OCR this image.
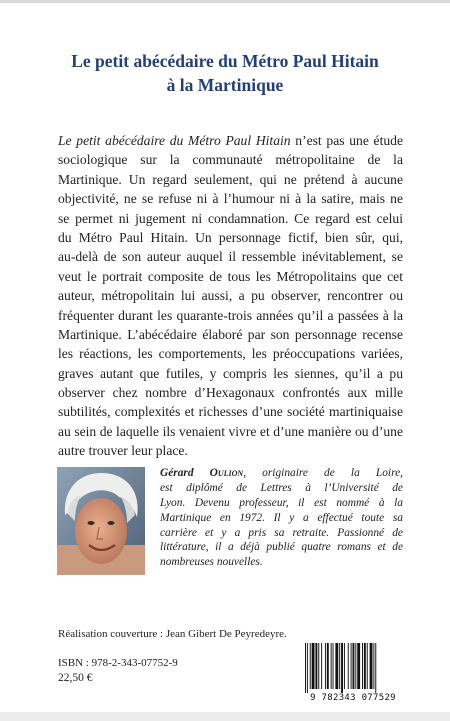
Le petit abécédaire du Métro Paul Hitain
à la Martinique
Le petit abécédaire du Métro Paul Hitain n’est pas une étude
sociologique sur la communauté métropolitaine de la
Martinique. Un regard seulement, qui ne prétend à aucune
objectivité, ne se refuse ni à l’humour ni à la satire, mais ne
se permet ni jugement ni condamnation. Ce regard est celui
du Métro Paul Hitain. Un personnage fictif, bien sûr, qui,
au-delà de son auteur auquel il ressemble inévitablement, se
veut le portrait composite de tous les Métropolitains que cet
auteur, métropolitain lui aussi, a pu observer, rencontrer ou
fréquenter durant les quarante-trois années qu’il a passées à la
Martinique. L’abécédaire élaboré par son personnage recense
les réactions, les comportements, les préoccupations variées,
graves autant que futiles, y compris les siennes, qu’il a pu
observer chez nombre d’Hexagonaux confrontés aux mille
subtilités, complexités et richesses d’une société martiniquaise
au sein de laquelle ils venaient vivre et d’une manière ou d’une
autre trouver leur place.
Gérard Oulion, originaire de la Loire,
est diplômé de Lettres à l’Université de
Lyon. Devenu professeur, il est nommé à la
Martinique en 1972. Il y a effectué toute sa
carrière et y a pris sa retraite. Passionné de
littérature, il a déjà publié quatre romans et de
nombreuses nouvelles.
Réalisation couverture : Jean Gibert De Peyredeyre.
ISBN : 978-2-343-07752-9
22,50 €
9 782343 077529
